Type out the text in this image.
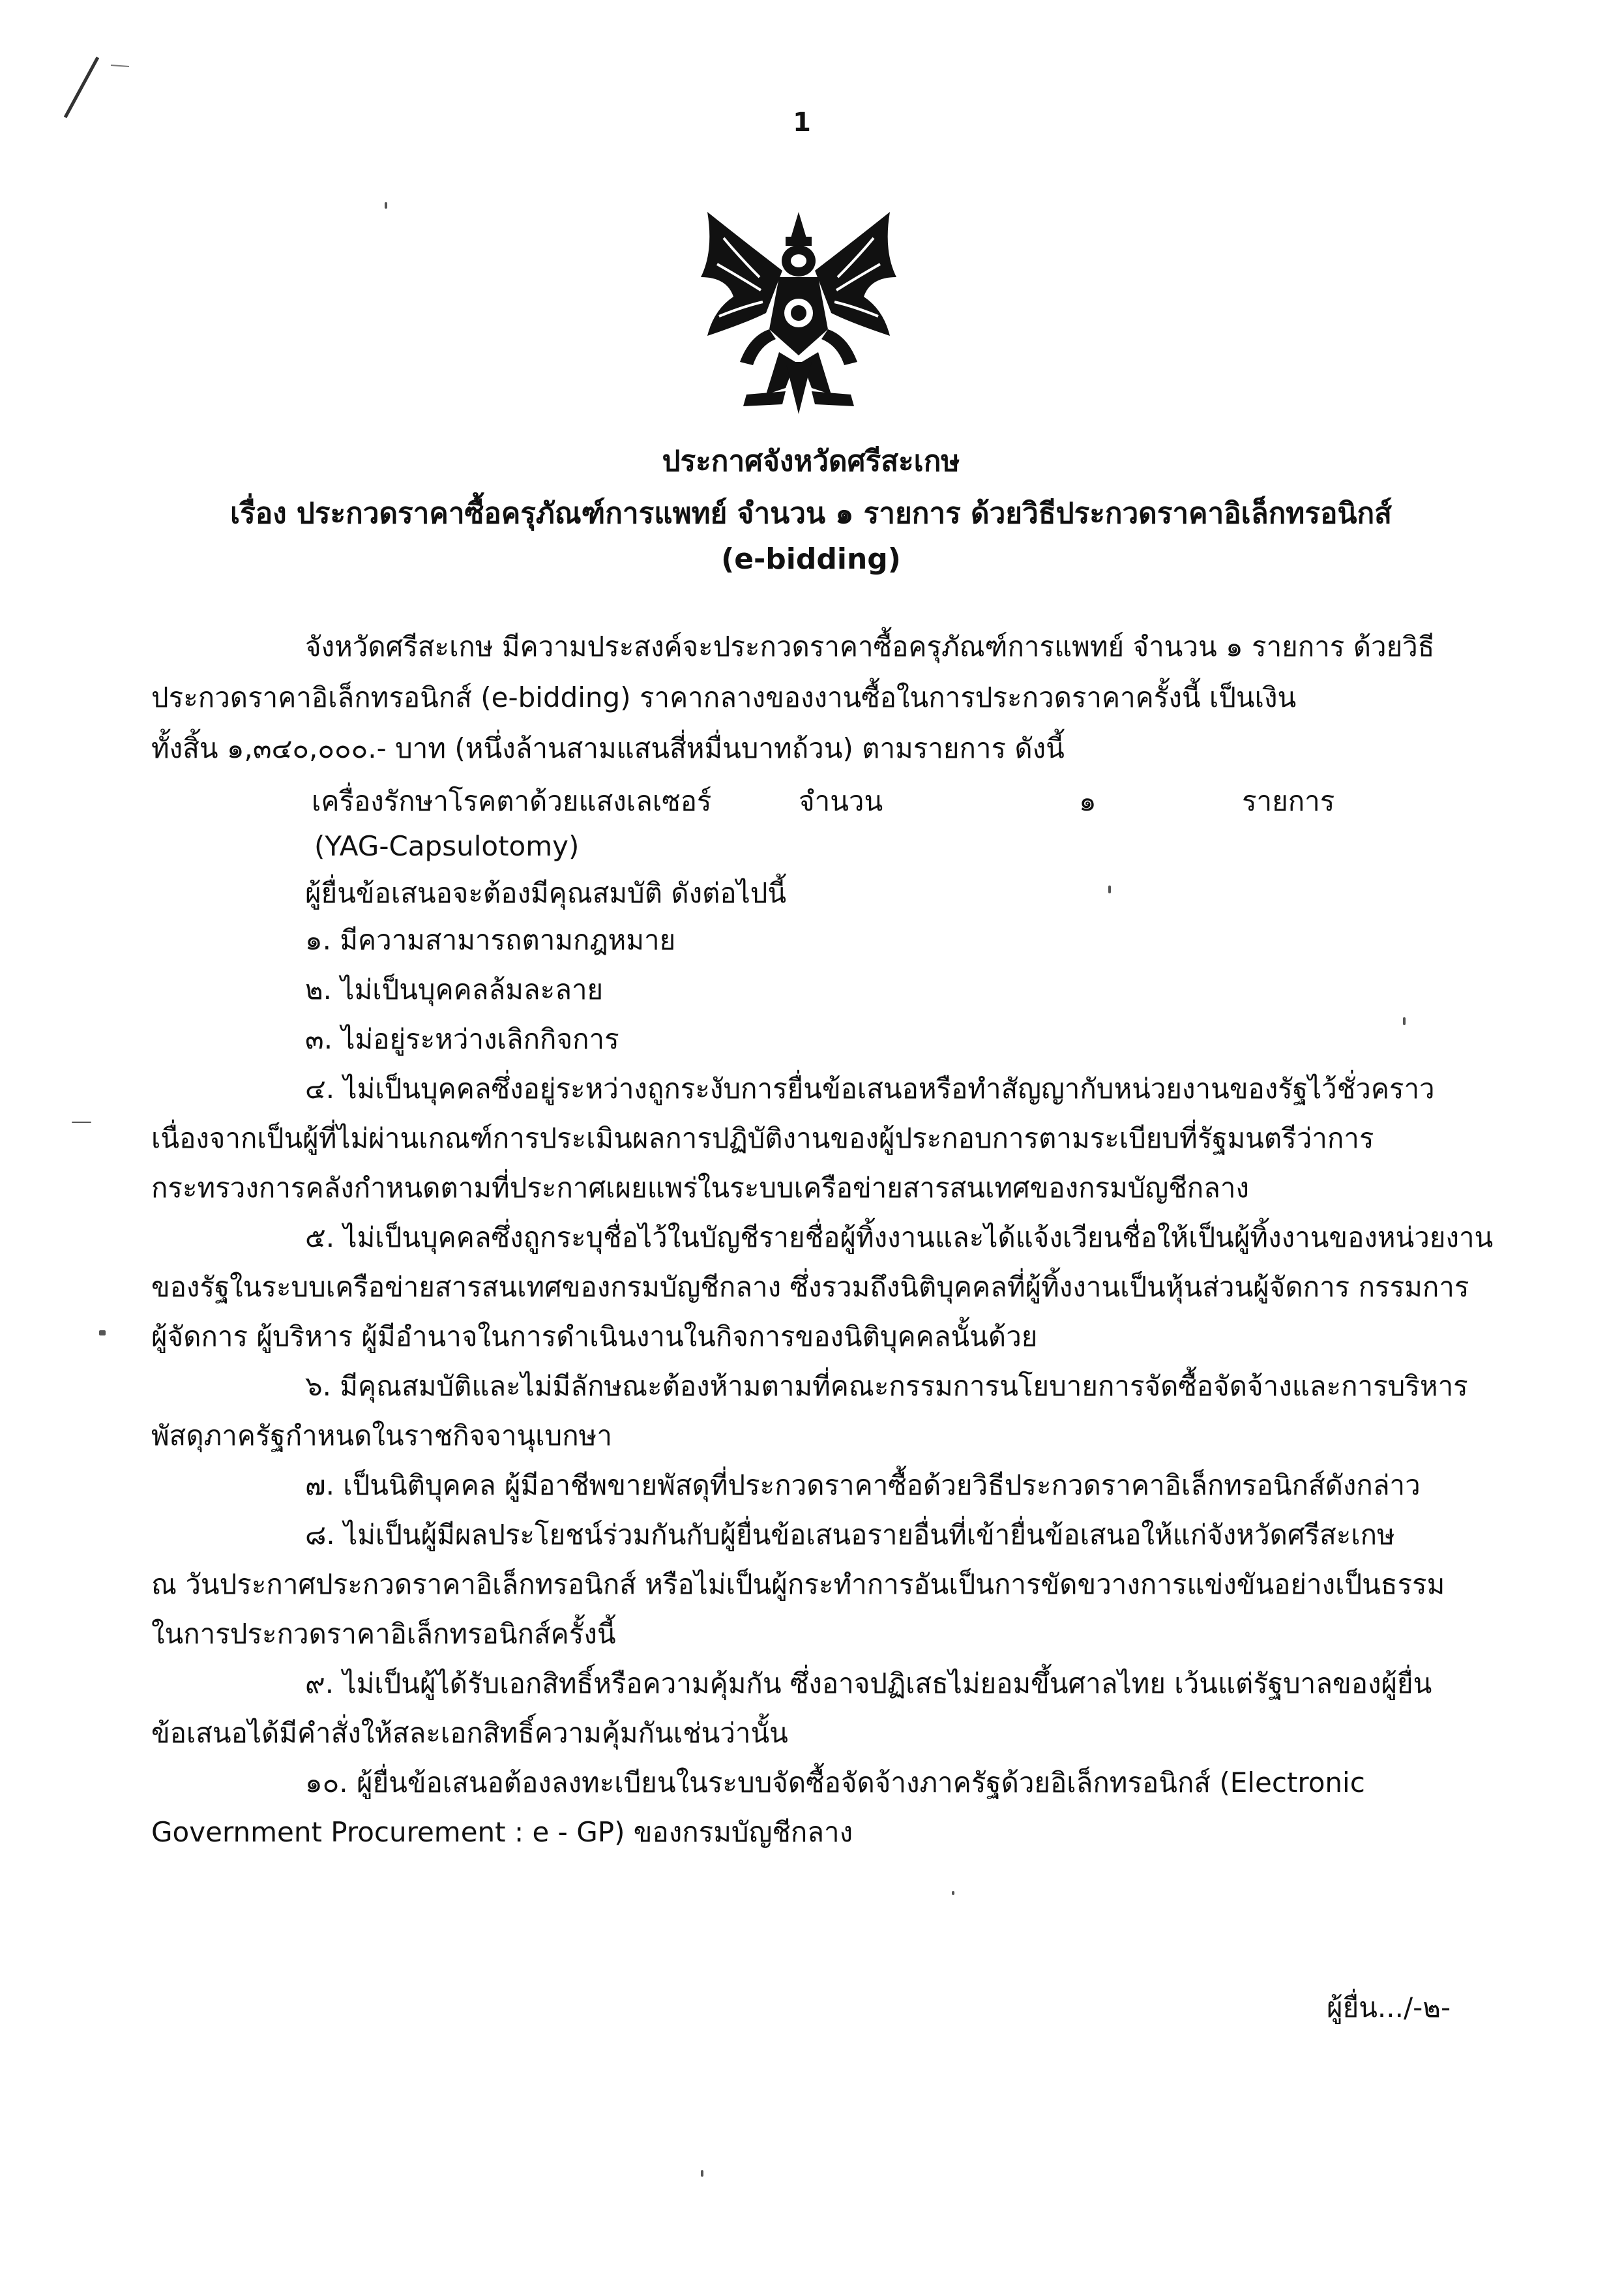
1
ประกาศจังหวัดศรีสะเกษ
เรื่อง ประกวดราคาซื้อครุภัณฑ์การแพทย์ จำนวน ๑ รายการ ด้วยวิธีประกวดราคาอิเล็กทรอนิกส์
(e-bidding)
จังหวัดศรีสะเกษ มีความประสงค์จะประกวดราคาซื้อครุภัณฑ์การแพทย์ จำนวน ๑ รายการ ด้วยวิธี
ประกวดราคาอิเล็กทรอนิกส์ (e-bidding) ราคากลางของงานซื้อในการประกวดราคาครั้งนี้ เป็นเงิน
ทั้งสิ้น ๑,๓๔๐,๐๐๐.- บาท (หนึ่งล้านสามแสนสี่หมื่นบาทถ้วน) ตามรายการ ดังนี้
เครื่องรักษาโรคตาด้วยแสงเลเซอร์	จำนวน	๑	รายการ
(YAG-Capsulotomy)
ผู้ยื่นข้อเสนอจะต้องมีคุณสมบัติ ดังต่อไปนี้
๑. มีความสามารถตามกฎหมาย
๒. ไม่เป็นบุคคลล้มละลาย
๓. ไม่อยู่ระหว่างเลิกกิจการ
๔. ไม่เป็นบุคคลซึ่งอยู่ระหว่างถูกระงับการยื่นข้อเสนอหรือทำสัญญากับหน่วยงานของรัฐไว้ชั่วคราว
เนื่องจากเป็นผู้ที่ไม่ผ่านเกณฑ์การประเมินผลการปฏิบัติงานของผู้ประกอบการตามระเบียบที่รัฐมนตรีว่าการ
กระทรวงการคลังกำหนดตามที่ประกาศเผยแพร่ในระบบเครือข่ายสารสนเทศของกรมบัญชีกลาง
๕. ไม่เป็นบุคคลซึ่งถูกระบุชื่อไว้ในบัญชีรายชื่อผู้ทิ้งงานและได้แจ้งเวียนชื่อให้เป็นผู้ทิ้งงานของหน่วยงาน
ของรัฐในระบบเครือข่ายสารสนเทศของกรมบัญชีกลาง ซึ่งรวมถึงนิติบุคคลที่ผู้ทิ้งงานเป็นหุ้นส่วนผู้จัดการ กรรมการ
ผู้จัดการ ผู้บริหาร ผู้มีอำนาจในการดำเนินงานในกิจการของนิติบุคคลนั้นด้วย
๖. มีคุณสมบัติและไม่มีลักษณะต้องห้ามตามที่คณะกรรมการนโยบายการจัดซื้อจัดจ้างและการบริหาร
พัสดุภาครัฐกำหนดในราชกิจจานุเบกษา
๗. เป็นนิติบุคคล ผู้มีอาชีพขายพัสดุที่ประกวดราคาซื้อด้วยวิธีประกวดราคาอิเล็กทรอนิกส์ดังกล่าว
๘. ไม่เป็นผู้มีผลประโยชน์ร่วมกันกับผู้ยื่นข้อเสนอรายอื่นที่เข้ายื่นข้อเสนอให้แก่จังหวัดศรีสะเกษ
ณ วันประกาศประกวดราคาอิเล็กทรอนิกส์ หรือไม่เป็นผู้กระทำการอันเป็นการขัดขวางการแข่งขันอย่างเป็นธรรม
ในการประกวดราคาอิเล็กทรอนิกส์ครั้งนี้
๙. ไม่เป็นผู้ได้รับเอกสิทธิ์หรือความคุ้มกัน ซึ่งอาจปฏิเสธไม่ยอมขึ้นศาลไทย เว้นแต่รัฐบาลของผู้ยื่น
ข้อเสนอได้มีคำสั่งให้สละเอกสิทธิ์ความคุ้มกันเช่นว่านั้น
๑๐. ผู้ยื่นข้อเสนอต้องลงทะเบียนในระบบจัดซื้อจัดจ้างภาครัฐด้วยอิเล็กทรอนิกส์ (Electronic
Government Procurement : e - GP) ของกรมบัญชีกลาง
ผู้ยื่น.../-๒-
